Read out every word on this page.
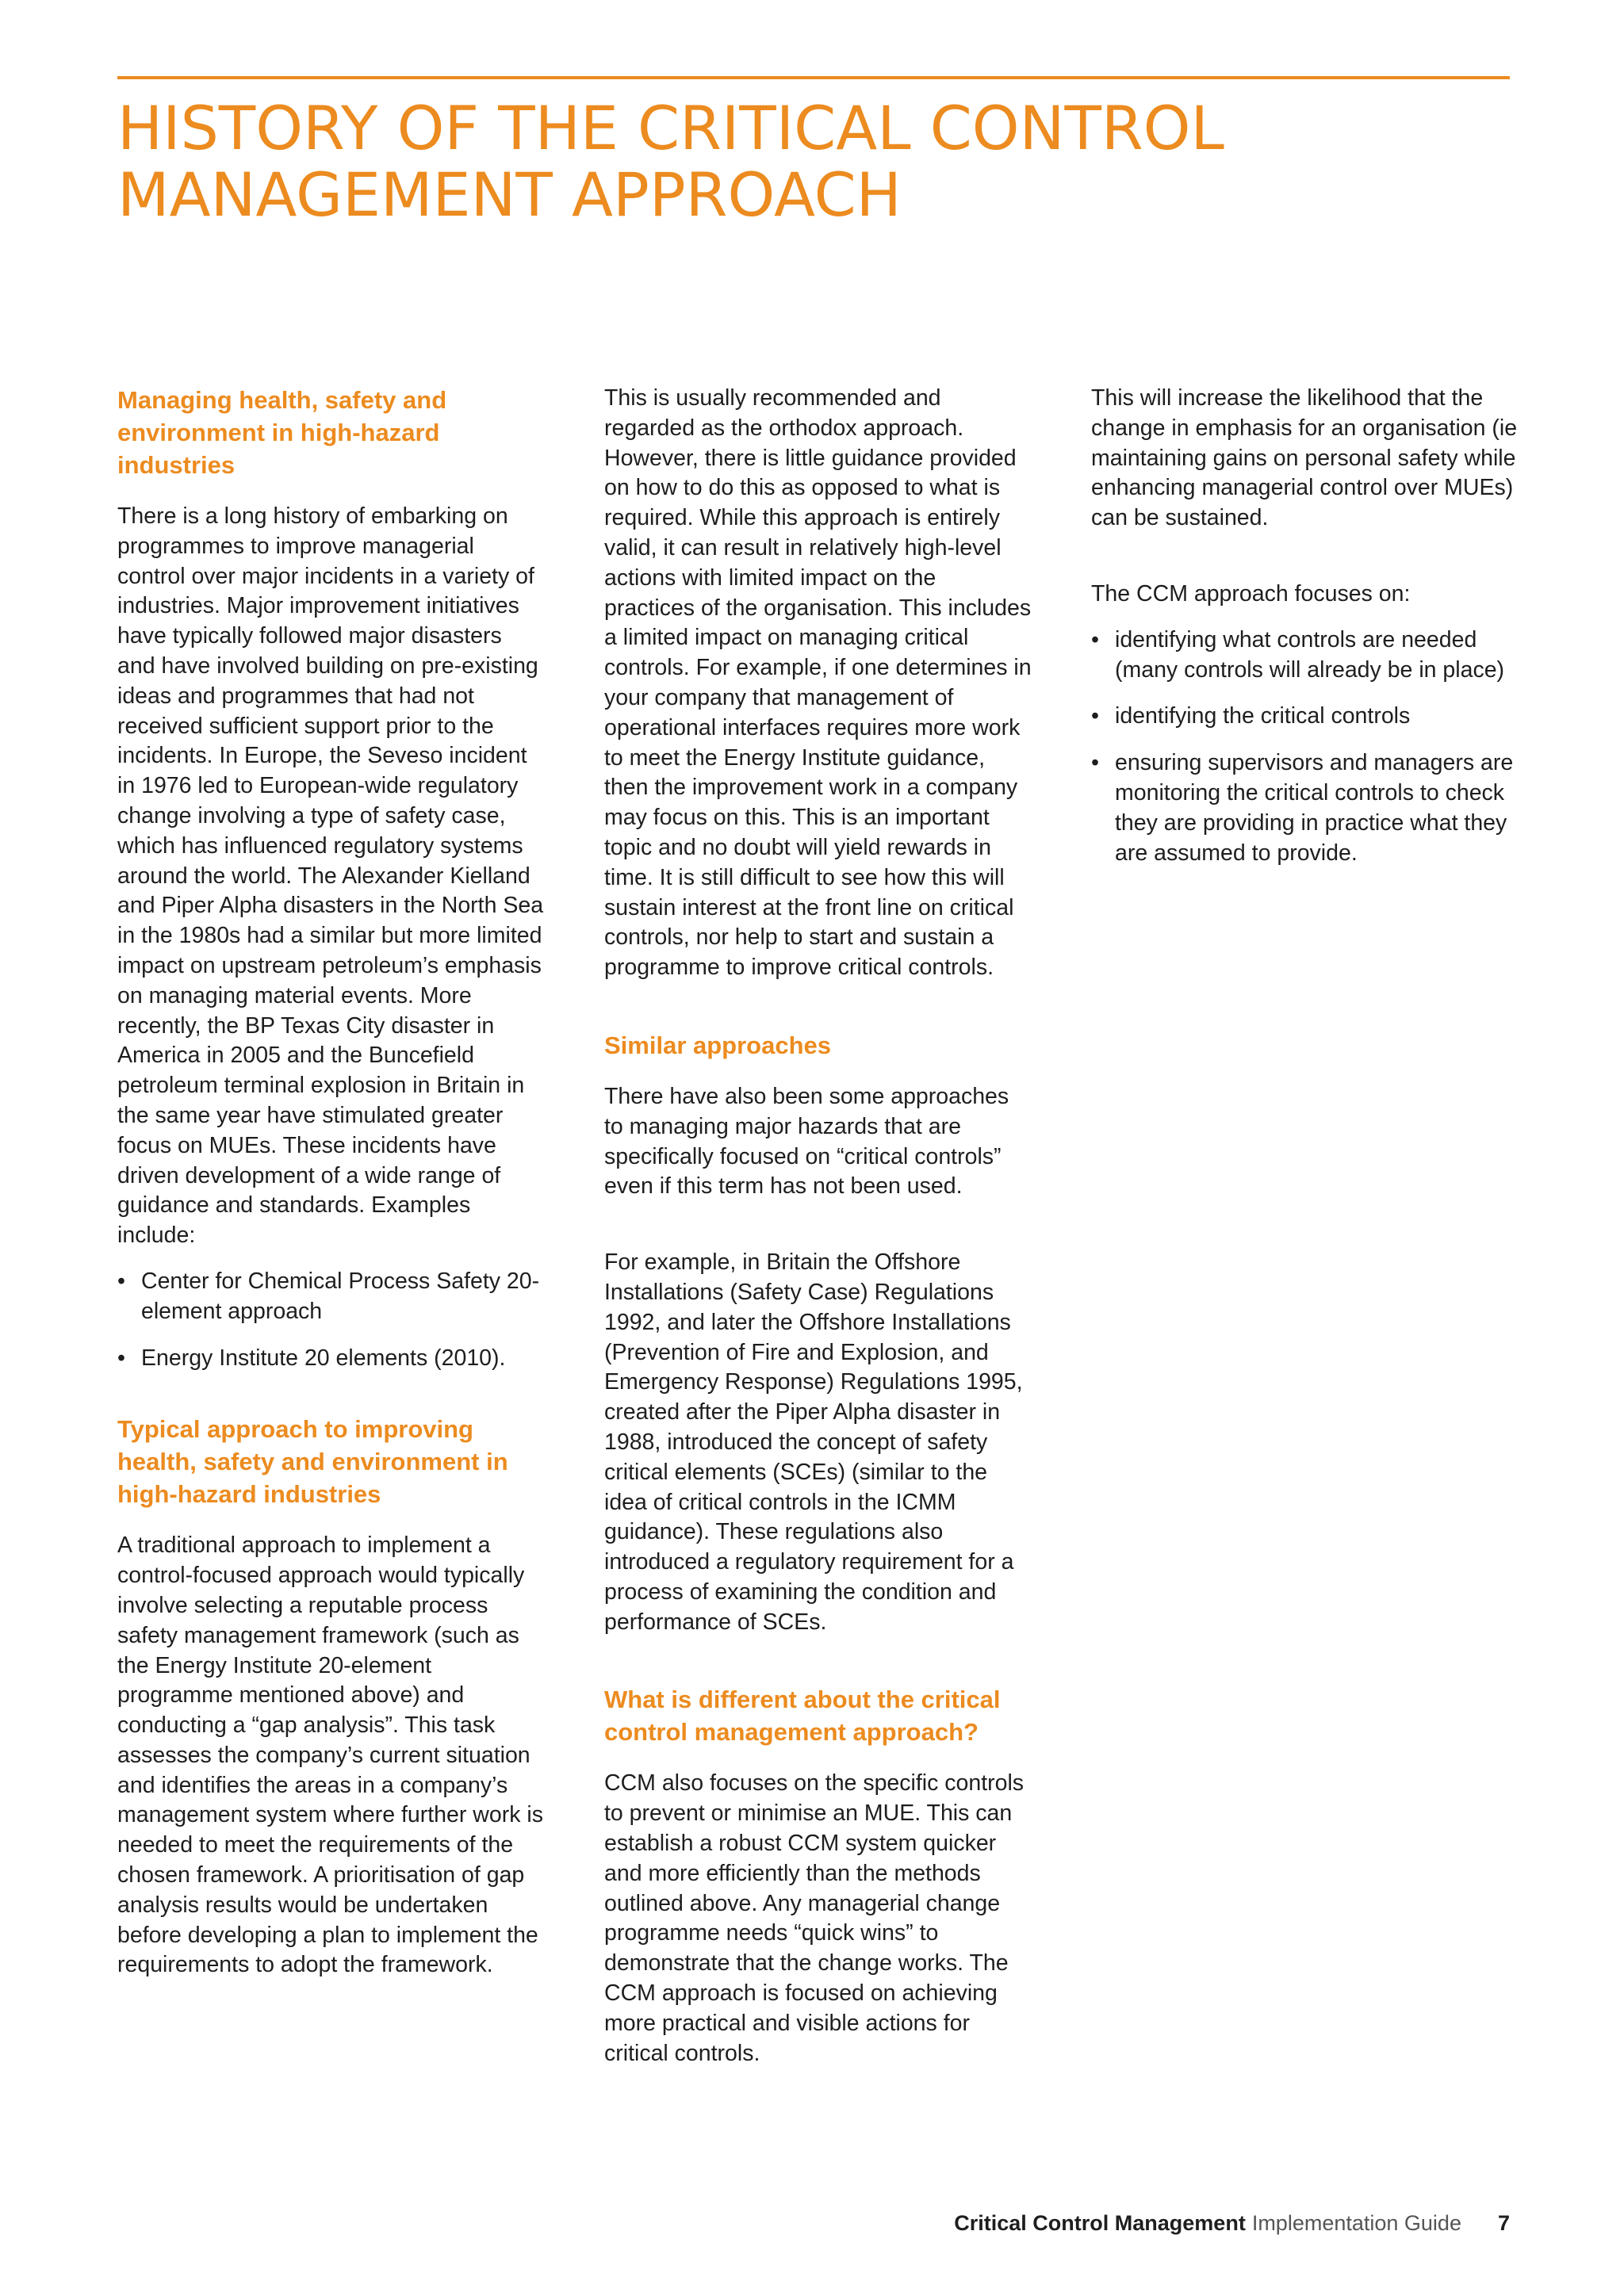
HISTORY OF THE CRITICAL CONTROL
MANAGEMENT APPROACH
Managing health, safety and environment in high-hazard industries

There is a long history of embarking on programmes to improve managerial control over major incidents in a variety of industries. Major improvement initiatives have typically followed major disasters and have involved building on pre-existing ideas and programmes that had not received sufficient support prior to the incidents. In Europe, the Seveso incident in 1976 led to European-wide regulatory change involving a type of safety case, which has influenced regulatory systems around the world. The Alexander Kielland and Piper Alpha disasters in the North Sea in the 1980s had a similar but more limited impact on upstream petroleum’s emphasis on managing material events. More recently, the BP Texas City disaster in America in 2005 and the Buncefield petroleum terminal explosion in Britain in the same year have stimulated greater focus on MUEs. These incidents have driven development of a wide range of guidance and standards. Examples include:

• Center for Chemical Process Safety 20-element approach
• Energy Institute 20 elements (2010).
Typical approach to improving health, safety and environment in high-hazard industries

A traditional approach to implement a control-focused approach would typically involve selecting a reputable process safety management framework (such as the Energy Institute 20-element programme mentioned above) and conducting a “gap analysis”. This task assesses the company’s current situation and identifies the areas in a company’s management system where further work is needed to meet the requirements of the chosen framework. A prioritisation of gap analysis results would be undertaken before developing a plan to implement the requirements to adopt the framework.

This is usually recommended and regarded as the orthodox approach. However, there is little guidance provided on how to do this as opposed to what is required. While this approach is entirely valid, it can result in relatively high-level actions with limited impact on the practices of the organisation. This includes a limited impact on managing critical controls. For example, if one determines in your company that management of operational interfaces requires more work to meet the Energy Institute guidance, then the improvement work in a company may focus on this. This is an important topic and no doubt will yield rewards in time. It is still difficult to see how this will sustain interest at the front line on critical controls, nor help to start and sustain a programme to improve critical controls.

Similar approaches

There have also been some approaches to managing major hazards that are specifically focused on “critical controls” even if this term has not been used.

For example, in Britain the Offshore Installations (Safety Case) Regulations 1992, and later the Offshore Installations (Prevention of Fire and Explosion, and Emergency Response) Regulations 1995, created after the Piper Alpha disaster in 1988, introduced the concept of safety critical elements (SCEs) (similar to the idea of critical controls in the ICMM guidance). These regulations also introduced a regulatory requirement for a process of examining the condition and performance of SCEs.

What is different about the critical control management approach?

CCM also focuses on the specific controls to prevent or minimise an MUE. This can establish a robust CCM system quicker and more efficiently than the methods outlined above. Any managerial change programme needs “quick wins” to demonstrate that the change works. The CCM approach is focused on achieving more practical and visible actions for critical controls.

This will increase the likelihood that the change in emphasis for an organisation (ie maintaining gains on personal safety while enhancing managerial control over MUEs) can be sustained.

The CCM approach focuses on:

• identifying what controls are needed (many controls will already be in place)
• identifying the critical controls
• ensuring supervisors and managers are monitoring the critical controls to check they are providing in practice what they are assumed to provide.
Critical Control Management Implementation Guide 7
